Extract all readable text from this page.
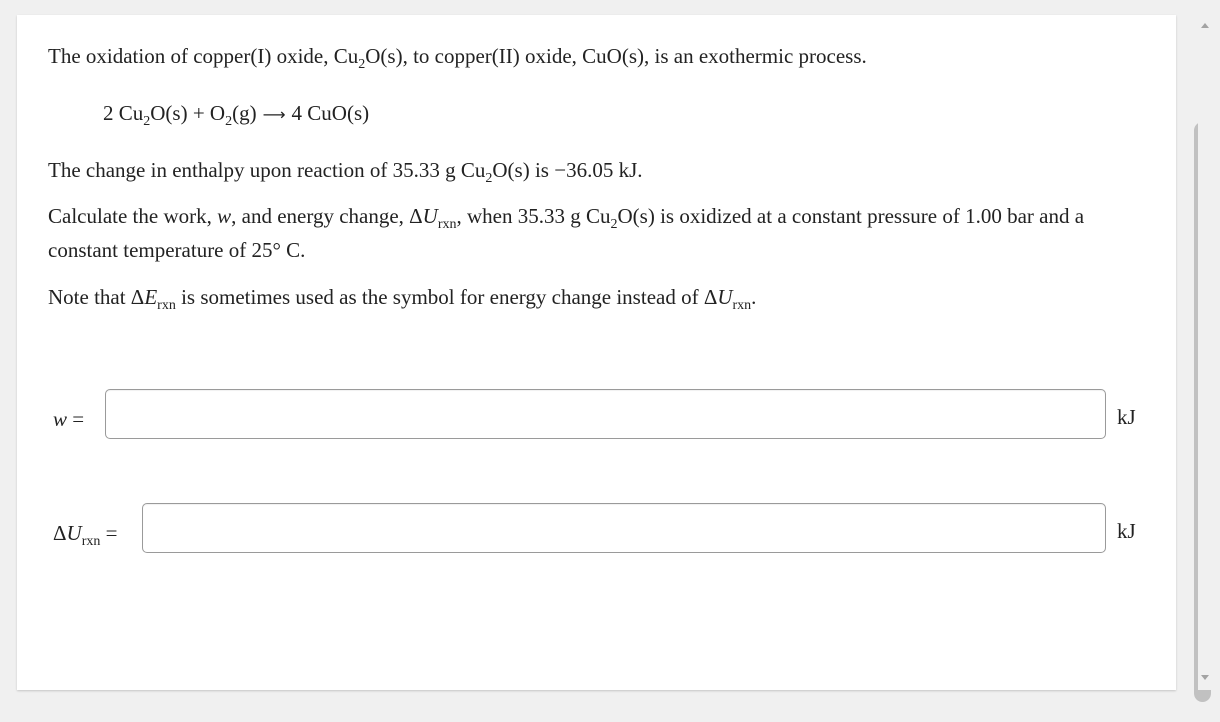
The oxidation of copper(I) oxide, $Cu_2O(s)$, to copper(II) oxide, CuO(s), is an exothermic process.

2 $Cu_2O(s) + O_2(g)$ ⟶ 4 CuO(s)

The change in enthalpy upon reaction of 35.33 g $Cu_2O(s)$ is −36.05 kJ.

Calculate the work, w, and energy change, $\Delta U_{rxn}$, when 35.33 g $Cu_2O(s)$ is oxidized at a constant pressure of 1.00 bar and a constant temperature of 25° C.

Note that $\Delta E_{rxn}$ is sometimes used as the symbol for energy change instead of $\Delta U_{rxn}$.

w =	kJ
$\Delta U_{rxn}$ =	kJ
